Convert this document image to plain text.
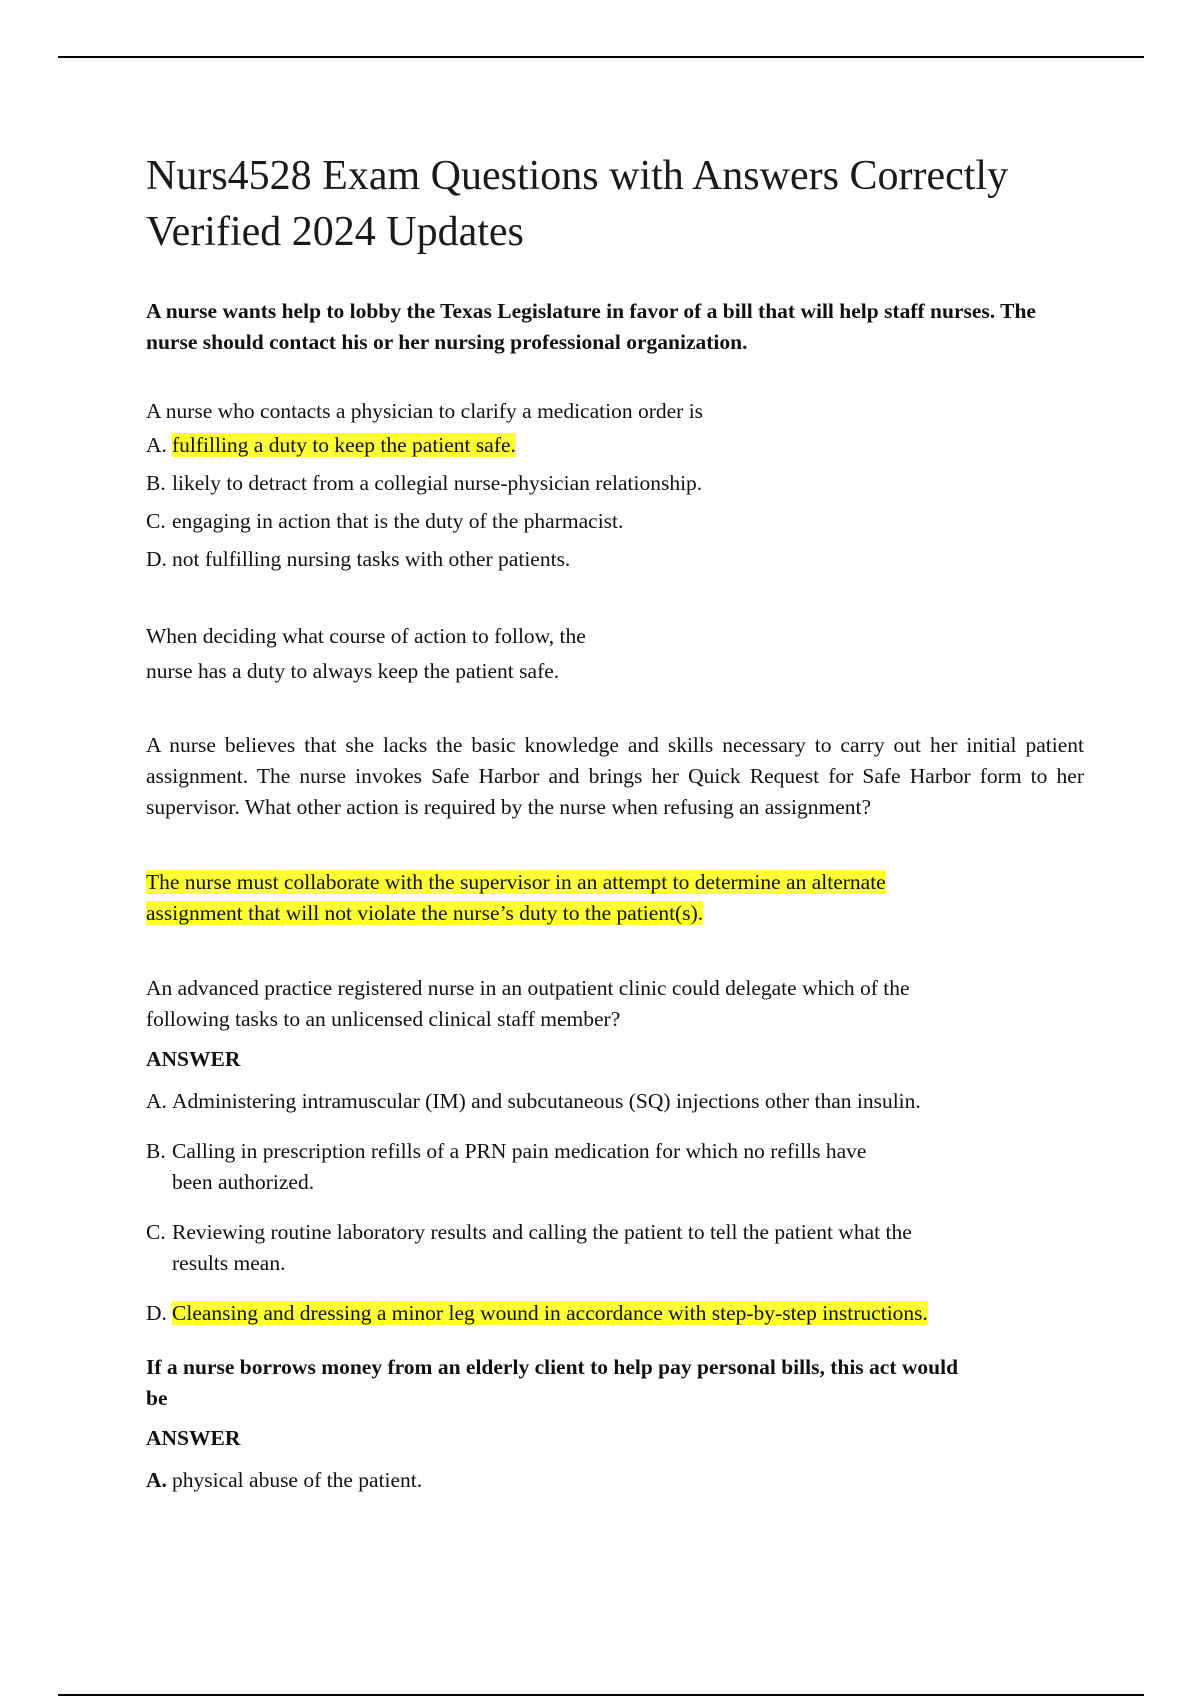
Nurs4528 Exam Questions with Answers Correctly Verified 2024 Updates

A nurse wants help to lobby the Texas Legislature in favor of a bill that will help staff nurses. The nurse should contact his or her nursing professional organization.

A nurse who contacts a physician to clarify a medication order is

A. fulfilling a duty to keep the patient safe.
B. likely to detract from a collegial nurse-physician relationship.
C. engaging in action that is the duty of the pharmacist.
D. not fulfilling nursing tasks with other patients.

When deciding what course of action to follow, the

nurse has a duty to always keep the patient safe.

A nurse believes that she lacks the basic knowledge and skills necessary to carry out her initial patient assignment. The nurse invokes Safe Harbor and brings her Quick Request for Safe Harbor form to her supervisor. What other action is required by the nurse when refusing an assignment?

The nurse must collaborate with the supervisor in an attempt to determine an alternate
assignment that will not violate the nurse’s duty to the patient(s).

An advanced practice registered nurse in an outpatient clinic could delegate which of the
following tasks to an unlicensed clinical staff member?

ANSWER

A. Administering intramuscular (IM) and subcutaneous (SQ) injections other than insulin.
B. Calling in prescription refills of a PRN pain medication for which no refills have
been authorized.
C. Reviewing routine laboratory results and calling the patient to tell the patient what the
results mean.
D. Cleansing and dressing a minor leg wound in accordance with step-by-step instructions.

If a nurse borrows money from an elderly client to help pay personal bills, this act would
be

ANSWER

A. physical abuse of the patient.
